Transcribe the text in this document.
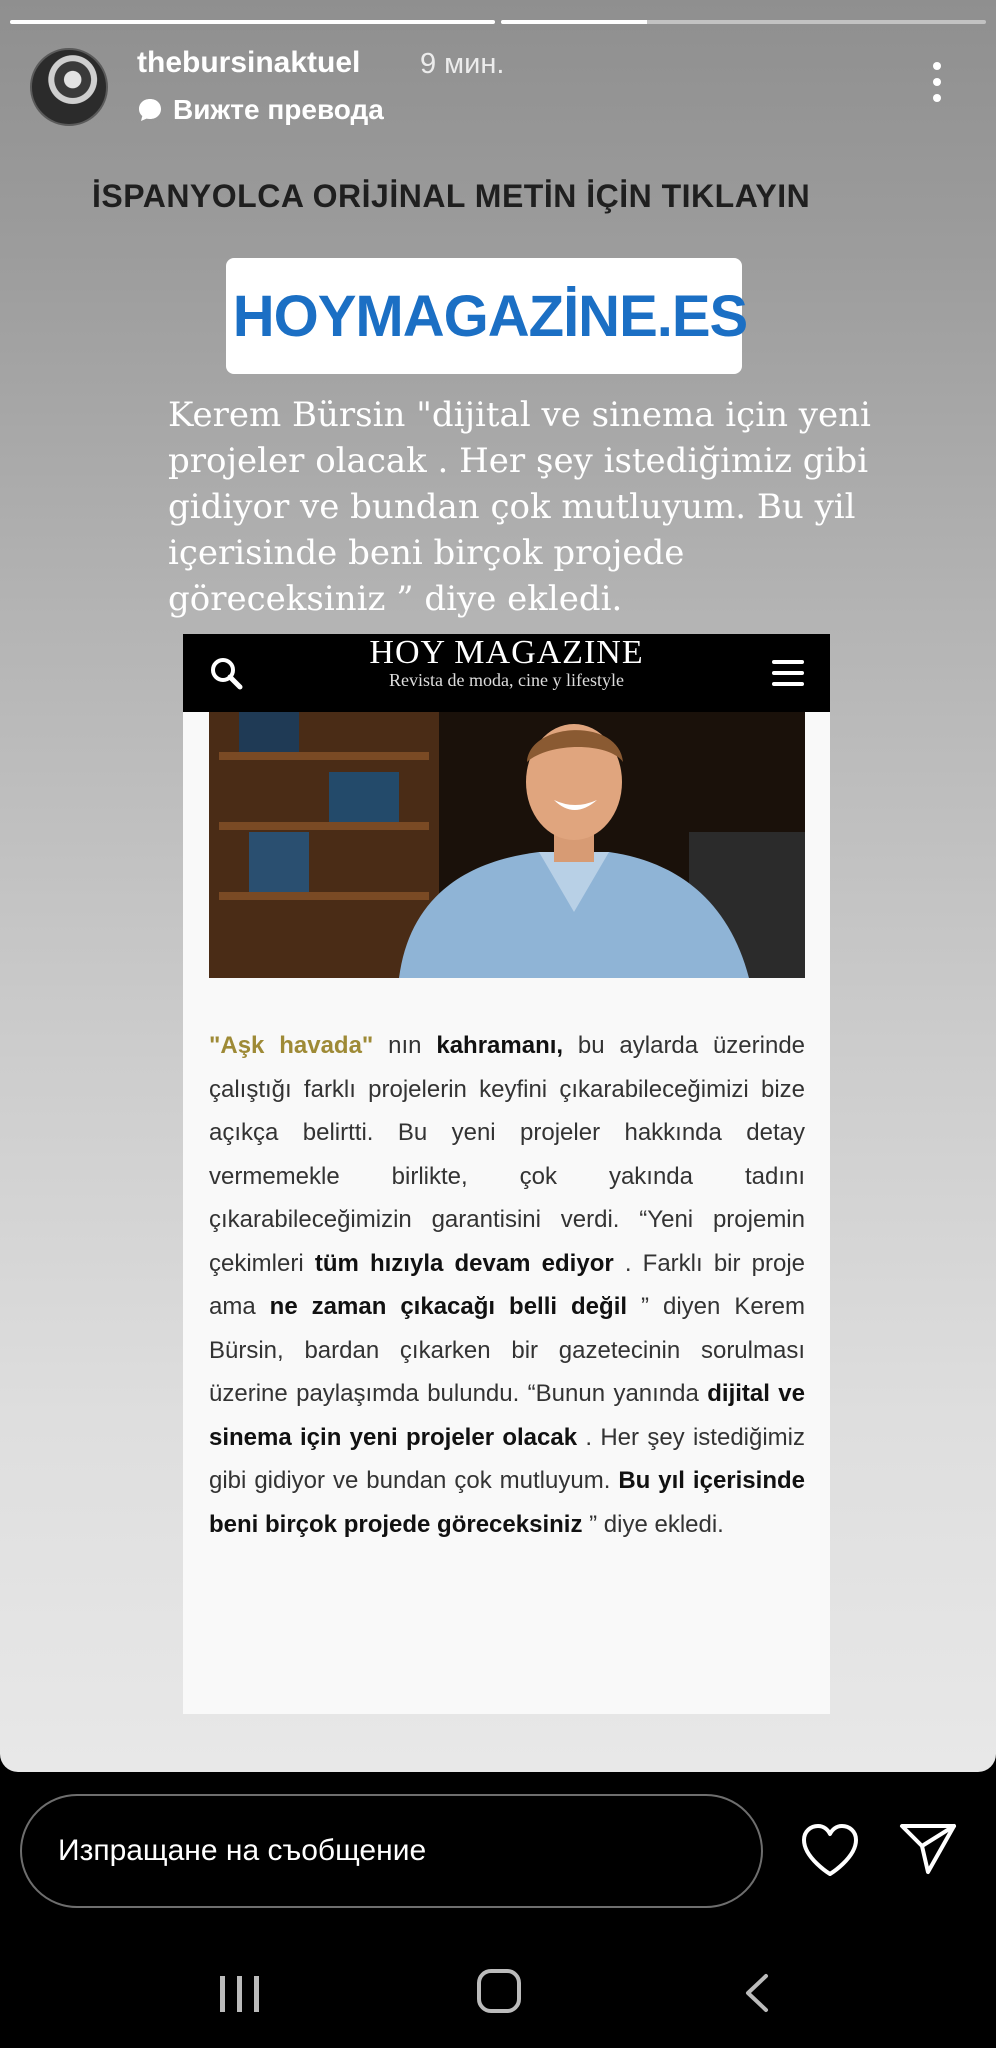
thebursinaktuel 9 мин.
Вижте превода
İSPANYOLCA ORİJİNAL METİN İÇİN TIKLAYIN
HOYMAGAZİNE.ES
Kerem Bürsin "dijital ve sinema için yeni projeler olacak . Her şey istediğimiz gibi gidiyor ve bundan çok mutluyum. Bu yil içerisinde beni birçok projede göreceksiniz ” diye ekledi.
HOY MAGAZINE
Revista de moda, cine y lifestyle
"Aşk havada" nın kahramanı, bu aylarda üzerinde çalıştığı farklı projelerin keyfini çıkarabileceğimizi bize açıkça belirtti. Bu yeni projeler hakkında detay vermemekle birlikte, çok yakında tadını çıkarabileceğimizin garantisini verdi. “Yeni projemin çekimleri tüm hızıyla devam ediyor . Farklı bir proje ama ne zaman çıkacağı belli değil ” diyen Kerem Bürsin, bardan çıkarken bir gazetecinin sorulması üzerine paylaşımda bulundu. “Bunun yanında dijital ve sinema için yeni projeler olacak . Her şey istediğimiz gibi gidiyor ve bundan çok mutluyum. Bu yıl içerisinde beni birçok projede göreceksiniz ” diye ekledi.
Изпращане на съобщение
